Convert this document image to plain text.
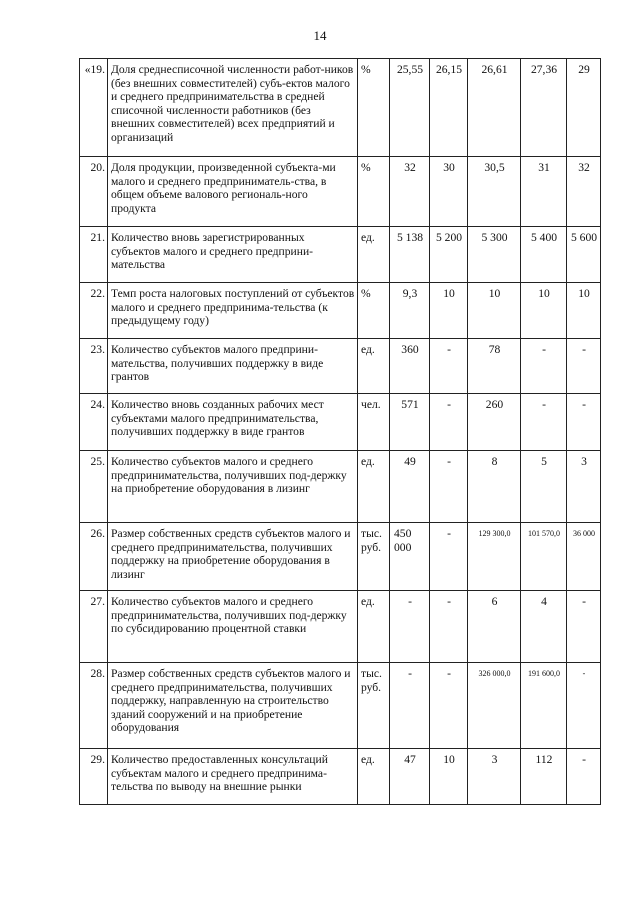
14
«19.	Доля среднесписочной численности работ-ников (без внешних совместителей) субъ-ектов малого и среднего предпринимательства в средней списочной численности работников (без внешних совместителей) всех предприятий и организаций	%	25,55	26,15	26,61	27,36	29
20.	Доля продукции, произведенной субъекта-ми малого и среднего предприниматель-ства, в общем объеме валового региональ-ного продукта	%	32	30	30,5	31	32
21.	Количество вновь зарегистрированных субъектов малого и среднего предприни-мательства	ед.	5 138	5 200	5 300	5 400	5 600
22.	Темп роста налоговых поступлений от субъектов малого и среднего предпринима-тельства (к предыдущему году)	%	9,3	10	10	10	10
23.	Количество субъектов малого предприни-мательства, получивших поддержку в виде грантов	ед.	360	-	78	-	-
24.	Количество вновь созданных рабочих мест субъектами малого предпринимательства, получивших поддержку в виде грантов	чел.	571	-	260	-	-
25.	Количество субъектов малого и среднего предпринимательства, получивших под-держку на приобретение оборудования в лизинг	ед.	49	-	8	5	3
26.	Размер собственных средств субъектов малого и среднего предпринимательства, получивших поддержку на приобретение оборудования в лизинг	тыс. руб.	450 000	-	129 300,0	101 570,0	36 000
27.	Количество субъектов малого и среднего предпринимательства, получивших под-держку по субсидированию процентной ставки	ед.	-	-	6	4	-
28.	Размер собственных средств субъектов малого и среднего предпринимательства, получивших поддержку, направленную на строительство зданий сооружений и на приобретение оборудования	тыс. руб.	-	-	326 000,0	191 600,0	-
29.	Количество предоставленных консультаций субъектам малого и среднего предпринима-тельства по выводу на внешние рынки	ед.	47	10	3	112	-
